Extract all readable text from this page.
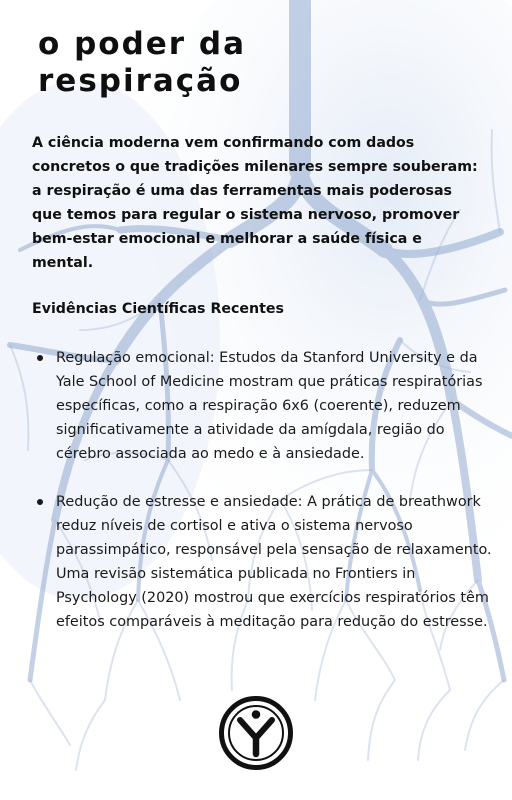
o poder da respiração

A ciência moderna vem confirmando com dados concretos o que tradições milenares sempre souberam: a respiração é uma das ferramentas mais poderosas que temos para regular o sistema nervoso, promover bem-estar emocional e melhorar a saúde física e mental.

Evidências Científicas Recentes
Regulação emocional: Estudos da Stanford University e da Yale School of Medicine mostram que práticas respiratórias específicas, como a respiração 6x6 (coerente), reduzem significativamente a atividade da amígdala, região do cérebro associada ao medo e à ansiedade.
Redução de estresse e ansiedade: A prática de breathwork reduz níveis de cortisol e ativa o sistema nervoso parassimpático, responsável pela sensação de relaxamento. Uma revisão sistemática publicada no Frontiers in Psychology (2020) mostrou que exercícios respiratórios têm efeitos comparáveis à meditação para redução do estresse.
